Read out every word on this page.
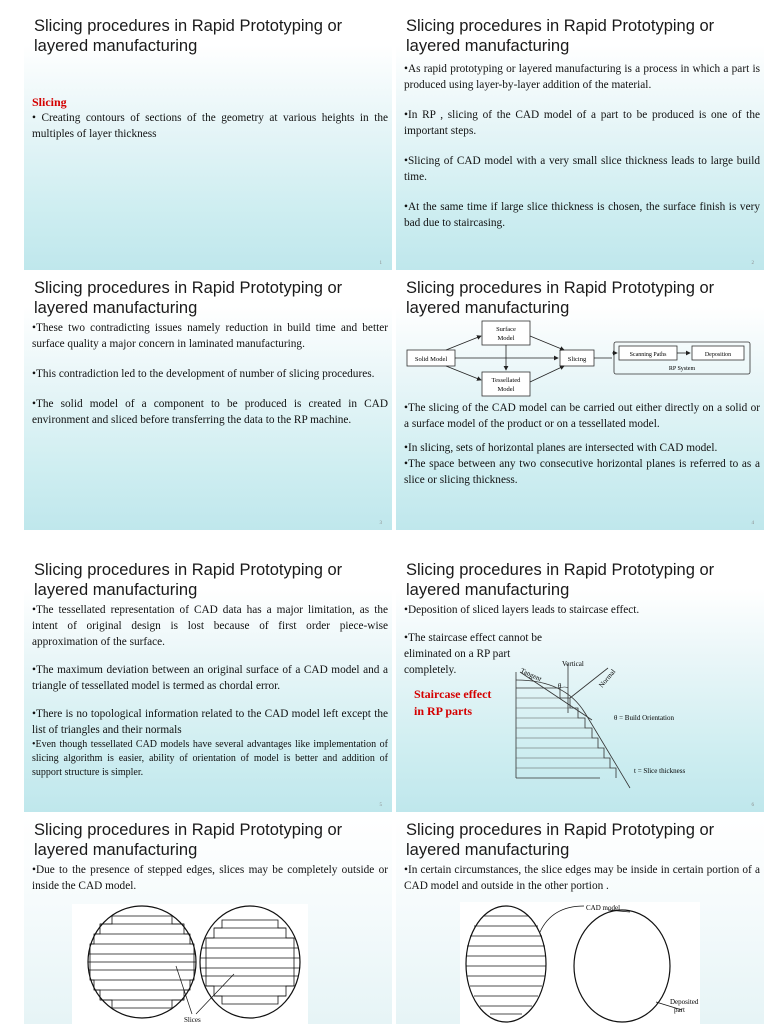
Slicing procedures in Rapid Prototyping or layered manufacturing
Slicing
• Creating contours of sections of the geometry at various heights in the multiples of layer thickness
1
Slicing procedures in Rapid Prototyping or layered manufacturing

•As rapid prototyping or layered manufacturing is a process in which a part is produced using layer-by-layer addition of the material.

•In RP , slicing of the CAD model of a part to be produced is one of the important steps.

•Slicing of CAD model with a very small slice thickness leads to large build time.

•At the same time if large slice thickness is chosen, the surface finish is very bad due to staircasing.

2
Slicing procedures in Rapid Prototyping or layered manufacturing

•These two contradicting issues namely reduction in build time and better surface quality a major concern in laminated manufacturing.

•This contradiction led to the development of number of slicing procedures.

•The solid model of a component to be produced is created in CAD environment and sliced before transferring the data to the RP machine.

3
Slicing procedures in Rapid Prototyping or layered manufacturing
Solid Model
Surface
Model
Tessellated
Model
Slicing
Scanning Paths	Deposition
RP System

•The slicing of the CAD model can be carried out either directly on a solid or a surface model of the product or on a tessellated model.

•In slicing, sets of horizontal planes are intersected with CAD model.

•The space between any two consecutive horizontal planes is referred to as a slice or slicing thickness.

4
Slicing procedures in Rapid Prototyping or layered manufacturing

•The tessellated representation of CAD data has a major limitation, as the intent of original design is lost because of first order piece-wise approximation of the surface.

•The maximum deviation between an original surface of a CAD model and a triangle of tessellated model is termed as chordal error.

•There is no topological information related to the CAD model left except the list of triangles and their normals

•Even though tessellated CAD models have several advantages like implementation of slicing algorithm is easier, ability of orientation of model is better and addition of support structure is simpler.

5
Slicing procedures in Rapid Prototyping or layered manufacturing

•Deposition of sliced layers leads to staircase effect.

•The staircase effect cannot be eliminated on a RP part completely.

Staircase effect
in RP parts
Vertical
Tangent	Normal
θ
θ = Build Orientation
t = Slice thickness
6
Slicing procedures in Rapid Prototyping or layered manufacturing

•Due to the presence of stepped edges, slices may be completely outside or inside the CAD model.

Slices
Slicing procedures in Rapid Prototyping or layered manufacturing

•In certain circumstances, the slice edges may be inside in certain portion of a CAD model and outside in the other portion .

CAD model
Deposited
part
